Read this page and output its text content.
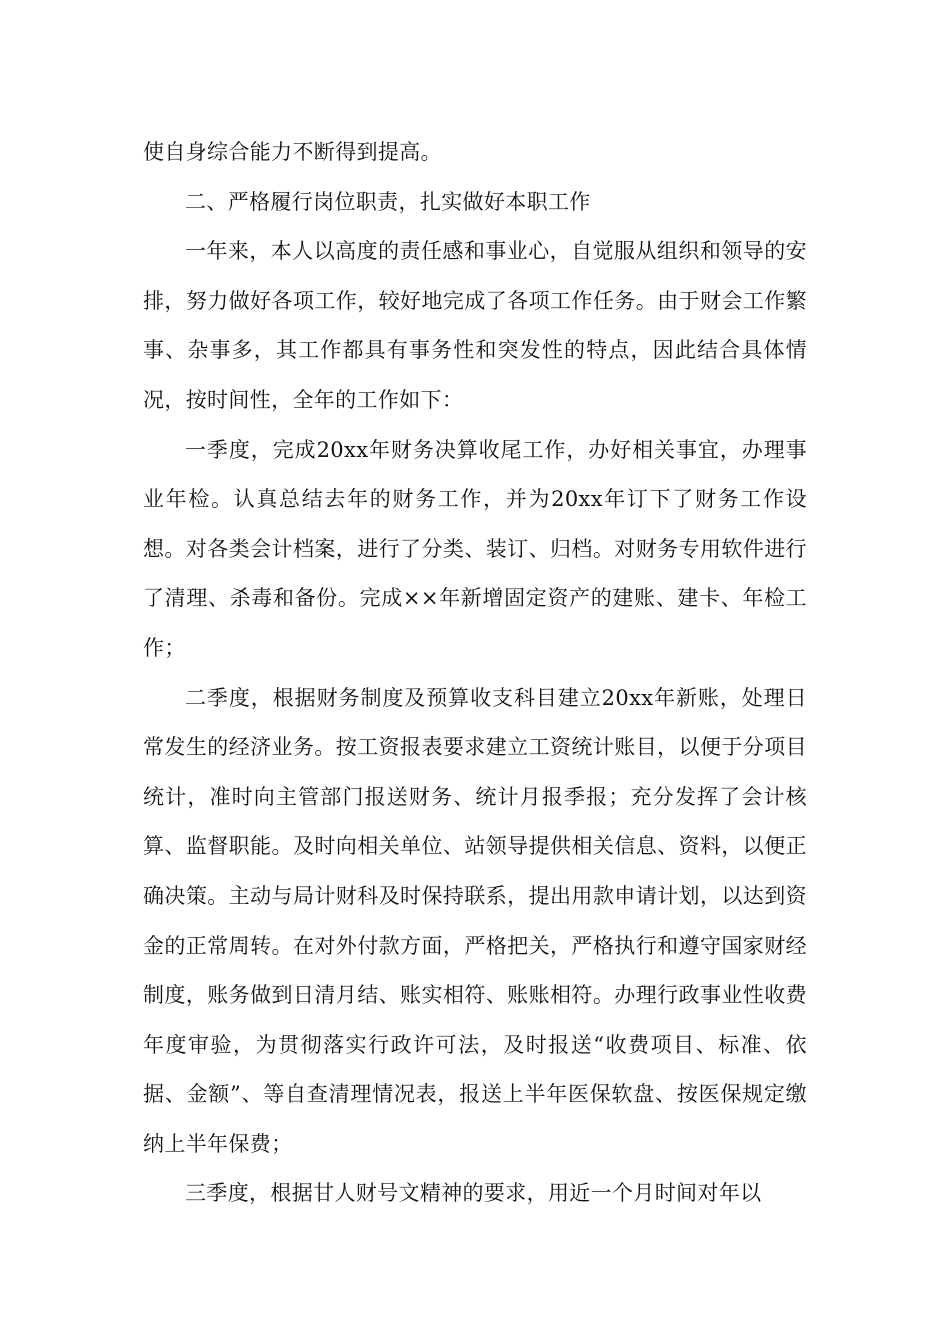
使自身综合能力不断得到提高。

二、严格履行岗位职责，扎实做好本职工作

一年来，本人以高度的责任感和事业心，自觉服从组织和领导的安排，努力做好各项工作，较好地完成了各项工作任务。由于财会工作繁事、杂事多，其工作都具有事务性和突发性的特点，因此结合具体情况，按时间性，全年的工作如下：

一季度，完成20xx年财务决算收尾工作，办好相关事宜，办理事业年检。认真总结去年的财务工作，并为20xx年订下了财务工作设想。对各类会计档案，进行了分类、装订、归档。对财务专用软件进行了清理、杀毒和备份。完成××年新增固定资产的建账、建卡、年检工作；

二季度，根据财务制度及预算收支科目建立20xx年新账，处理日常发生的经济业务。按工资报表要求建立工资统计账目，以便于分项目统计，准时向主管部门报送财务、统计月报季报；充分发挥了会计核算、监督职能。及时向相关单位、站领导提供相关信息、资料，以便正确决策。主动与局计财科及时保持联系，提出用款申请计划，以达到资金的正常周转。在对外付款方面，严格把关，严格执行和遵守国家财经制度，账务做到日清月结、账实相符、账账相符。办理行政事业性收费年度审验，为贯彻落实行政许可法，及时报送“收费项目、标准、依据、金额”、等自查清理情况表，报送上半年医保软盘、按医保规定缴纳上半年保费；

三季度，根据甘人财号文精神的要求，用近一个月时间对年以
